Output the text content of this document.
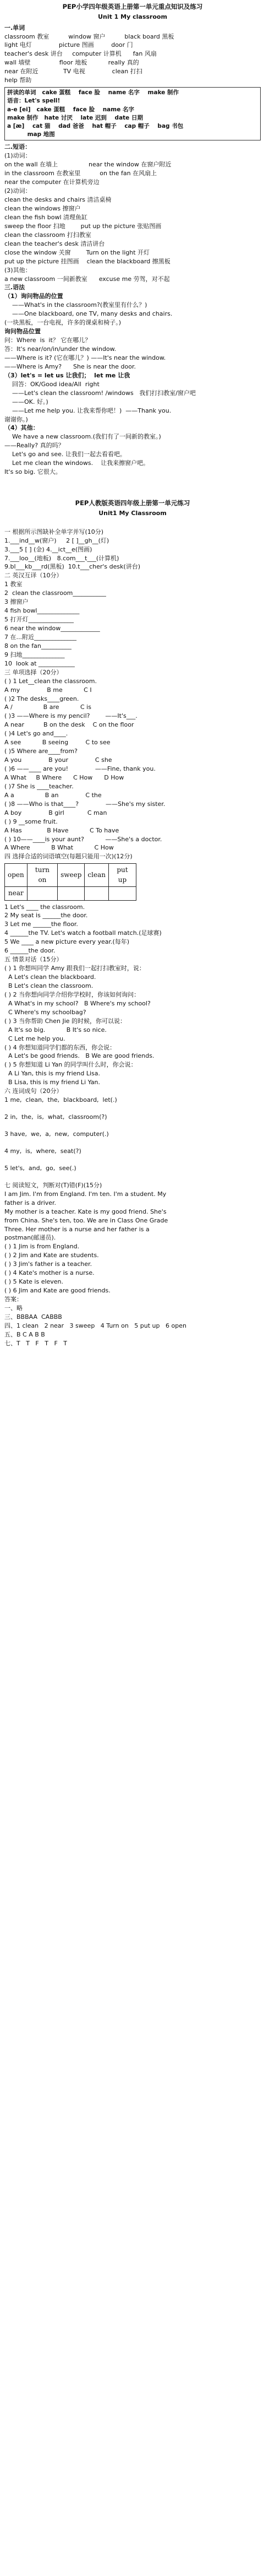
PEP小学四年级英语上册第一单元重点知识及练习

Unit 1 My classroom

一.单词

classroom 教室          window 窗户          black board 黑板

light 电灯              picture 图画         door 门

teacher's desk 讲台     computer 计算机      fan 风扇

wall 墙壁               floor 地板           really 真的

near 在附近             TV 电视              clean 打扫

help 帮助

拼读的单词   cake 蛋糕    face 脸    name 名字    make 制作

语音：Let's spell!

a-e [ei]   cake 蛋糕    face 脸    name 名字

make 制作   hate 讨厌    late 迟到    date 日期

a [æ]    cat 猫    dad 爸爸    hat 帽子    cap 帽子    bag 书包

map 地图

二.短语：

(1)动词：

on the wall 在墙上                near the window 在窗户附近

in the classroom 在教室里          on the fan 在风扇上

near the computer 在计算机旁边

(2)动词：

clean the desks and chairs 清洁桌椅

clean the windows 擦窗户

clean the fish bowl 清理鱼缸

sweep the floor 扫地        put up the picture 张贴图画

clean the classroom 打扫教室

clean the teacher's desk 清洁讲台

close the window 关窗        Turn on the light 开灯

put up the picture 挂图画    clean the blackboard 擦黑板

(3)其他：

a new classroom 一间新教室      excuse me 劳驾，对不起

三.语法

（1）询问物品的位置

——What's in the classroom?(教室里有什么？)

——One blackboard, one TV, many desks and chairs.

(一块黑板，一台电视，许多的课桌和椅子。)

询问物品位置

问：Where  is  it？ 它在哪儿？

答：It's near/on/in/under the window.

——Where is it? (它在哪儿？) ——It's near the window.

——Where is Amy?      She is near the door.

（3）let's = let us 让我们；  let me 让我

回答：OK/Good idea/All  right

——Let's clean the classroom! /windows   我们打扫教室/窗户吧

——OK. 好。)

——Let me help you. 让我来帮你吧！)  ——Thank you.

谢谢你。)

（4）其他：

We have a new classroom.(我们有了一间新的教室。)

——Really? 真的吗？

Let's go and see. 让我们一起去看看吧。

Let me clean the windows.    让我来擦窗户吧。

It's so big. 它很大。

PEP人教版英语四年级上册第一单元练习

Unit1 My Classroom

一 根据所示图缺补全单字并写(10分)

1.___ind__w(窗户)     2 [ ]__gh__(灯)

3.___5 [ ] (金) 4.__ict__e(图画)

7.___loo__(地板)   8.com___t___(计算机)

9.bl___kb___rd(黑板)  10.t___cher's desk(讲台)

二 英汉互译（10分）

1 教室

2  clean the classroom___________

3 擦窗户

4 fish bowl______________

5 打开灯_______________

6 near the window_____________

7 在...附近______________

8 on the fan__________

9 扫地______________

10  look at ____________

三 单项选择（20分）

( ) 1 Let__clean the classroom.

A my              B me           C I

( )2 The desks____green.

A /                B are           C is

( )3 ——Where is my pencil?        ——It's___.

A near          B on the desk    C on the floor

( )4 Let's go and____.

A see           B seeing         C to see

( )5 Where are____from?

A you              B your              C she

( )6 ——____ are you!              ——Fine, thank you.

A What     B Where      C How      D How

( )7 She is ____teacher.

A a                B an              C the

( )8 ——Who is that____?              ——She's my sister.

A boy              B girl            C man

( ) 9 __some fruit.

A Has             B Have           C To have

( ) 10——____is your aunt?           ——She's a doctor.

A Where           B What           C How

四 选择合适的词语填空(每题只能用一次)(12分)

open	turn on	sweep	clean	put up
near				

1 Let's ____ the classroom.

2 My seat is ______the door.

3 Let me ______the floor.

4 ______the TV. Let's watch a football match.(足球赛)

5 We ____ a new picture every year.(每年)

6 ______the door.

五 情景对话（15分）

( ) 1 你想叫同学 Amy 跟我们一起打扫教室时，说：

A Let's clean the blackboard.

B Let's clean the classroom.

( ) 2 当你想向同学介绍你学校时，你该如何询问：

A What's in my school?   B Where's my school?

C Where's my schoolbag?

( ) 3 当你帮助 Chen Jie 的时候，你可以说：

A It's so big.           B It's so nice.

C Let me help you.

( ) 4 你想知道同学们都的东西，你会说：

A Let's be good friends.   B We are good friends.

( ) 5 你想知道 Li Yan 的同学叫什么时，你会说：

A Li Yan, this is my friend Lisa.

B Lisa, this is my friend Li Yan.

六 连词成句（20分）

1 me,  clean,  the,  blackboard,  let(.)

2 in,  the,  is,  what,  classroom(?)

3 have,  we,  a,  new,  computer(.)

4 my,  is,  where,  seat(?)

5 let's,  and,  go,  see(.)

七 阅读短文，判断对(T)错(F)(15分)

I am Jim. I'm from England. I'm ten. I'm a student. My

father is a driver.

My mother is a teacher. Kate is my good friend. She's

from China. She's ten, too. We are in Class One Grade

Three. Her mother is a nurse and her father is a

postman(邮递员).

( ) 1 Jim is from England.

( ) 2 Jim and Kate are students.

( ) 3 Jim's father is a teacher.

( ) 4 Kate's mother is a nurse.

( ) 5 Kate is eleven.

( ) 6 Jim and Kate are good friends.

答案：

一、略

三、BBBAA  CABBB

四、1 clean   2 near   3 sweep   4 Turn on   5 put up   6 open

五、B C A B B

七、T   T   F   T   F   T
